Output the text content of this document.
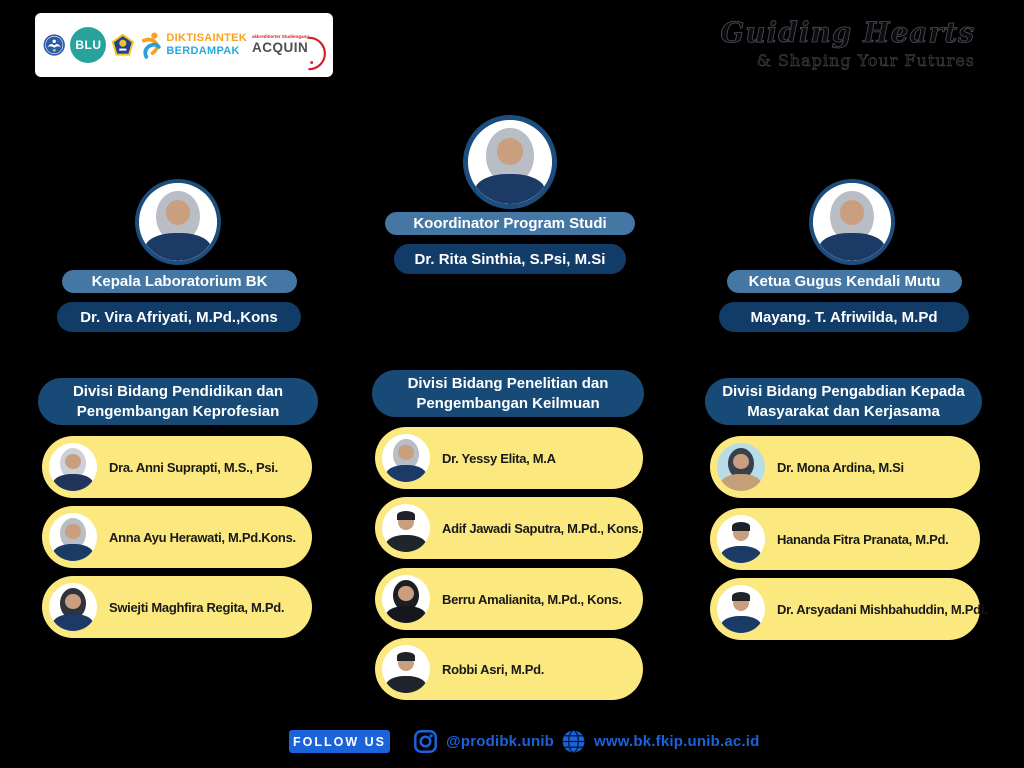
BLU	DIKTISAINTEK
BERDAMPAK
akkreditierter Studiengang
ACQUIN	Guiding Hearts
& Shaping Your Futures
Koordinator Program Studi
Dr. Rita Sinthia, S.Psi, M.Si
Kepala Laboratorium BK
Dr. Vira Afriyati, M.Pd.,Kons
Ketua Gugus Kendali Mutu
Mayang. T. Afriwilda, M.Pd
Divisi Bidang Pendidikan dan Pengembangan Keprofesian
Divisi Bidang Penelitian dan Pengembangan Keilmuan
Divisi Bidang Pengabdian Kepada Masyarakat dan Kerjasama
Dra. Anni Suprapti, M.S., Psi.
Anna Ayu Herawati, M.Pd.Kons.
Swiejti Maghfira Regita, M.Pd.
Dr. Yessy Elita, M.A
Adif Jawadi Saputra, M.Pd., Kons.
Berru Amalianita, M.Pd., Kons.
Robbi Asri, M.Pd.
Dr. Mona Ardina, M.Si
Hananda Fitra Pranata, M.Pd.
Dr. Arsyadani Mishbahuddin, M.Pdi.
FOLLOW US	@prodibk.unib	www.bk.fkip.unib.ac.id
